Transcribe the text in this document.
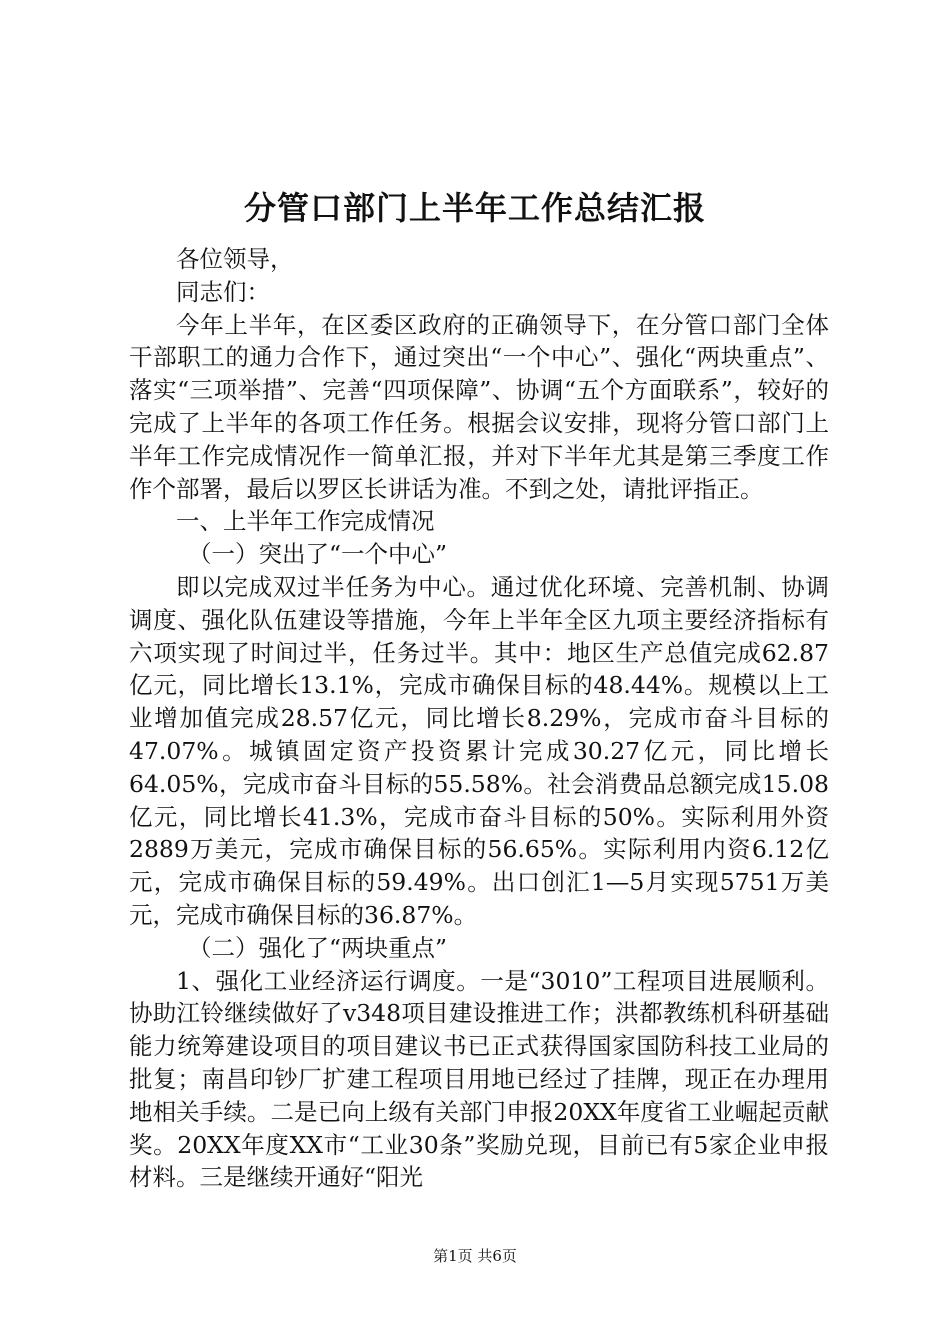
分管口部门上半年工作总结汇报

各位领导，

同志们：

今年上半年，在区委区政府的正确领导下，在分管口部门全体干部职工的通力合作下，通过突出“一个中心”、强化“两块重点”、落实“三项举措”、完善“四项保障”、协调“五个方面联系”，较好的完成了上半年的各项工作任务。根据会议安排，现将分管口部门上半年工作完成情况作一简单汇报，并对下半年尤其是第三季度工作作个部署，最后以罗区长讲话为准。不到之处，请批评指正。

一、上半年工作完成情况

（一）突出了“一个中心”

即以完成双过半任务为中心。通过优化环境、完善机制、协调调度、强化队伍建设等措施，今年上半年全区九项主要经济指标有六项实现了时间过半，任务过半。其中：地区生产总值完成62.87亿元，同比增长13.1%，完成市确保目标的48.44%。规模以上工业增加值完成28.57亿元，同比增长8.29%，完成市奋斗目标的47.07%。城镇固定资产投资累计完成30.27亿元，同比增长64.05%，完成市奋斗目标的55.58%。社会消费品总额完成15.08亿元，同比增长41.3%，完成市奋斗目标的50%。实际利用外资2889万美元，完成市确保目标的56.65%。实际利用内资6.12亿元，完成市确保目标的59.49%。出口创汇1—5月实现5751万美元，完成市确保目标的36.87%。

（二）强化了“两块重点”

1、强化工业经济运行调度。一是“3010”工程项目进展顺利。协助江铃继续做好了v348项目建设推进工作；洪都教练机科研基础能力统筹建设项目的项目建议书已正式获得国家国防科技工业局的批复；南昌印钞厂扩建工程项目用地已经过了挂牌，现正在办理用地相关手续。二是已向上级有关部门申报20XX年度省工业崛起贡献奖。20XX年度XX市“工业30条”奖励兑现，目前已有5家企业申报材料。三是继续开通好“阳光

第1页 共6页
